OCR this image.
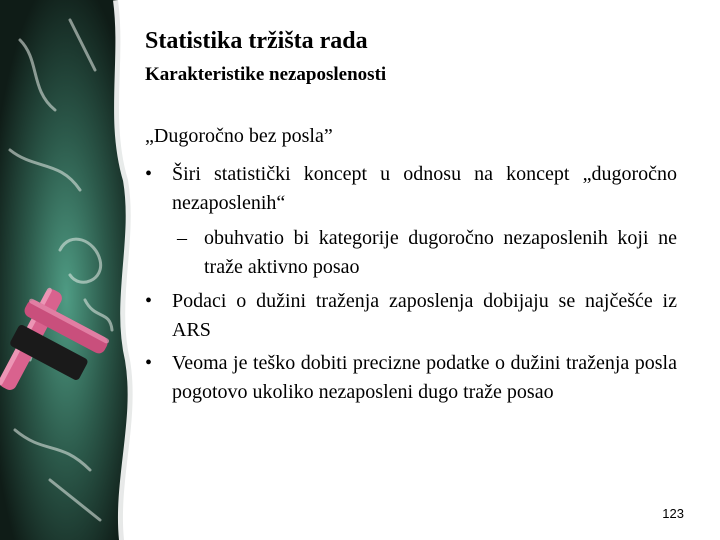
Statistika tržišta rada
Karakteristike nezaposlenosti
„Dugoročno bez posla”
• Širi statistički koncept u odnosu na koncept „dugoročno nezaposlenih“
– obuhvatio bi kategorije dugoročno nezaposlenih koji ne traže aktivno posao
• Podaci o dužini traženja zaposlenja dobijaju se najčešće iz ARS
• Veoma je teško dobiti precizne podatke o dužini traženja posla pogotovo ukoliko nezaposleni dugo traže posao
123
